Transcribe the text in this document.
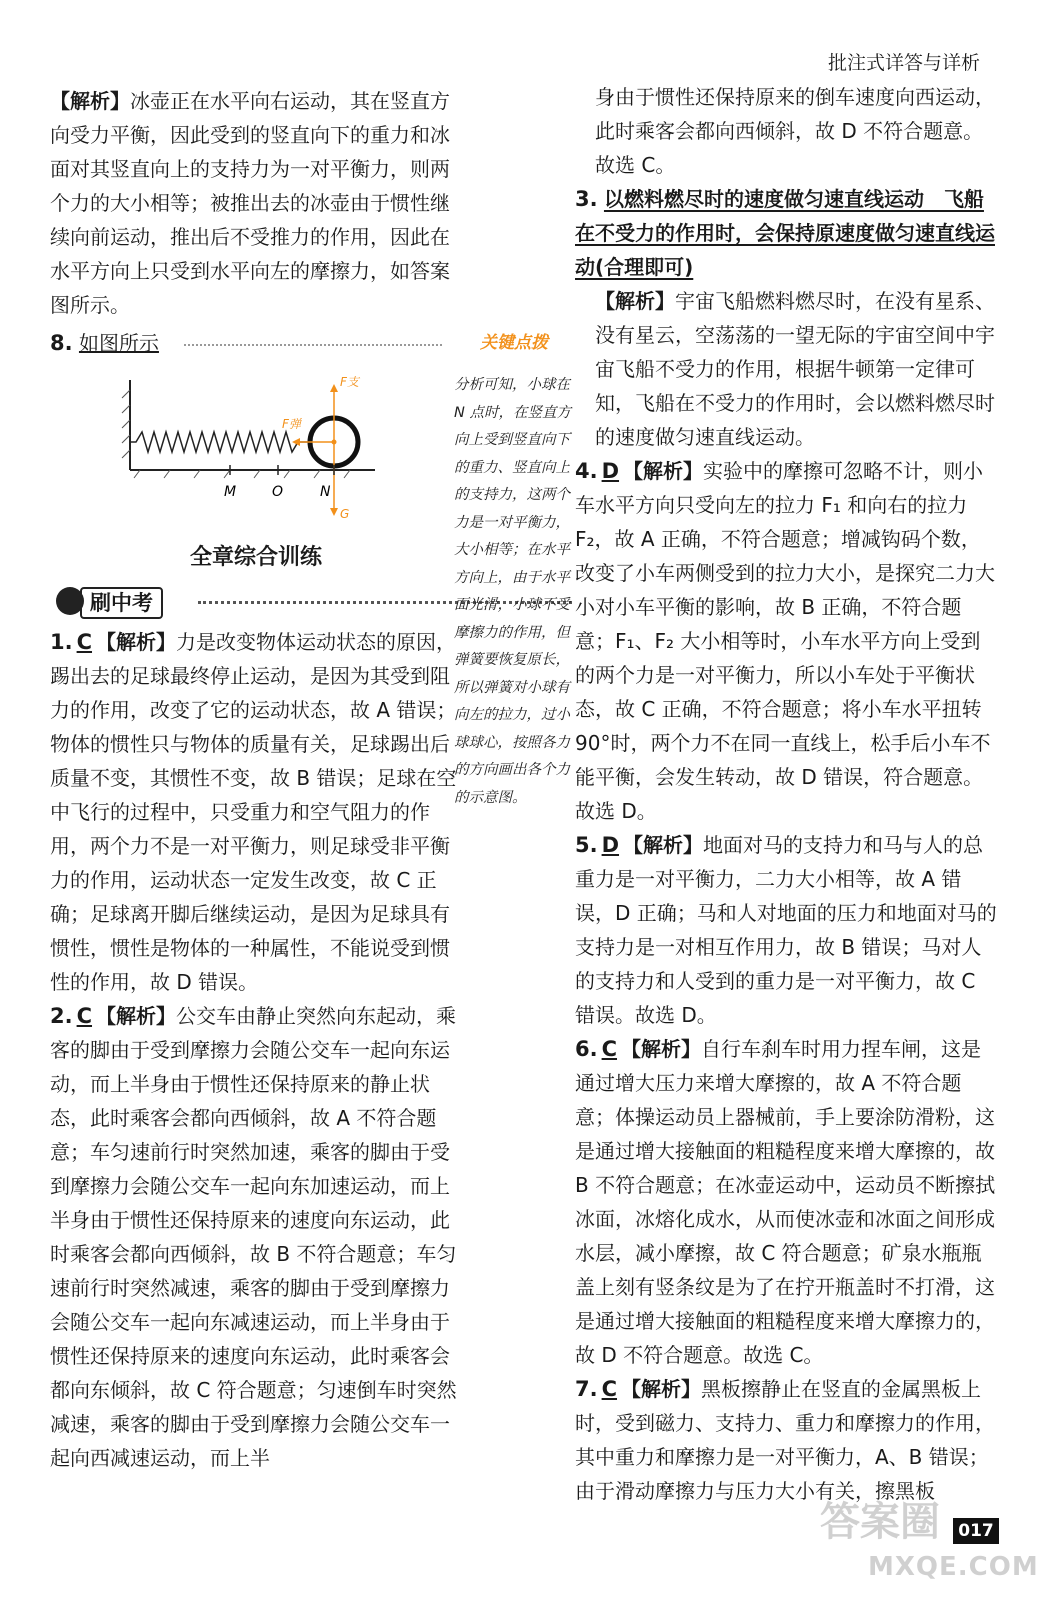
批注式详答与详析

【解析】冰壶正在水平向右运动，其在竖直方向受力平衡，因此受到的竖直向下的重力和冰面对其竖直向上的支持力为一对平衡力，则两个力的大小相等；被推出去的冰壶由于惯性继续向前运动，推出后不受推力的作用，因此在水平方向上只受到水平向左的摩擦力，如答案图所示。

8. 如图所示	关键点拨
F支
F弹
G
M	O	N
全章综合训练
刷中考

1. C 【解析】力是改变物体运动状态的原因，踢出去的足球最终停止运动，是因为其受到阻力的作用，改变了它的运动状态，故 A 错误；物体的惯性只与物体的质量有关，足球踢出后质量不变，其惯性不变，故 B 错误；足球在空中飞行的过程中，只受重力和空气阻力的作用，两个力不是一对平衡力，则足球受非平衡力的作用，运动状态一定发生改变，故 C 正确；足球离开脚后继续运动，是因为足球具有惯性，惯性是物体的一种属性，不能说受到惯性的作用，故 D 错误。

2. C 【解析】公交车由静止突然向东起动，乘客的脚由于受到摩擦力会随公交车一起向东运动，而上半身由于惯性还保持原来的静止状态，此时乘客会都向西倾斜，故 A 不符合题意；车匀速前行时突然加速，乘客的脚由于受到摩擦力会随公交车一起向东加速运动，而上半身由于惯性还保持原来的速度向东运动，此时乘客会都向西倾斜，故 B 不符合题意；车匀速前行时突然减速，乘客的脚由于受到摩擦力会随公交车一起向东减速运动，而上半身由于惯性还保持原来的速度向东运动，此时乘客会都向东倾斜，故 C 符合题意；匀速倒车时突然减速，乘客的脚由于受到摩擦力会随公交车一起向西减速运动，而上半

分析可知，小球在 N 点时，在竖直方向上受到竖直向下的重力、竖直向上的支持力，这两个力是一对平衡力，大小相等；在水平方向上，由于水平面光滑，小球不受摩擦力的作用，但弹簧要恢复原长，所以弹簧对小球有向左的拉力，过小球球心，按照各力的方向画出各个力的示意图。

身由于惯性还保持原来的倒车速度向西运动，此时乘客会都向西倾斜，故 D 不符合题意。故选 C。

3. 以燃料燃尽时的速度做匀速直线运动　飞船在不受力的作用时，会保持原速度做匀速直线运动(合理即可)

【解析】宇宙飞船燃料燃尽时，在没有星系、没有星云，空荡荡的一望无际的宇宙空间中宇宙飞船不受力的作用，根据牛顿第一定律可知，飞船在不受力的作用时，会以燃料燃尽时的速度做匀速直线运动。

4. D 【解析】实验中的摩擦可忽略不计，则小车水平方向只受向左的拉力 F₁ 和向右的拉力 F₂，故 A 正确，不符合题意；增减钩码个数，改变了小车两侧受到的拉力大小，是探究二力大小对小车平衡的影响，故 B 正确，不符合题意；F₁、F₂ 大小相等时，小车水平方向上受到的两个力是一对平衡力，所以小车处于平衡状态，故 C 正确，不符合题意；将小车水平扭转 90°时，两个力不在同一直线上，松手后小车不能平衡，会发生转动，故 D 错误，符合题意。故选 D。

5. D 【解析】地面对马的支持力和马与人的总重力是一对平衡力，二力大小相等，故 A 错误，D 正确；马和人对地面的压力和地面对马的支持力是一对相互作用力，故 B 错误；马对人的支持力和人受到的重力是一对平衡力，故 C 错误。故选 D。

6. C 【解析】自行车刹车时用力捏车闸，这是通过增大压力来增大摩擦的，故 A 不符合题意；体操运动员上器械前，手上要涂防滑粉，这是通过增大接触面的粗糙程度来增大摩擦的，故 B 不符合题意；在冰壶运动中，运动员不断擦拭冰面，冰熔化成水，从而使冰壶和冰面之间形成水层，减小摩擦，故 C 符合题意；矿泉水瓶瓶盖上刻有竖条纹是为了在拧开瓶盖时不打滑，这是通过增大接触面的粗糙程度来增大摩擦力的，故 D 不符合题意。故选 C。

7. C 【解析】黑板擦静止在竖直的金属黑板上时，受到磁力、支持力、重力和摩擦力的作用，其中重力和摩擦力是一对平衡力，A、B 错误；由于滑动摩擦力与压力大小有关，擦黑板

答案圈
MXQE.COM
017
